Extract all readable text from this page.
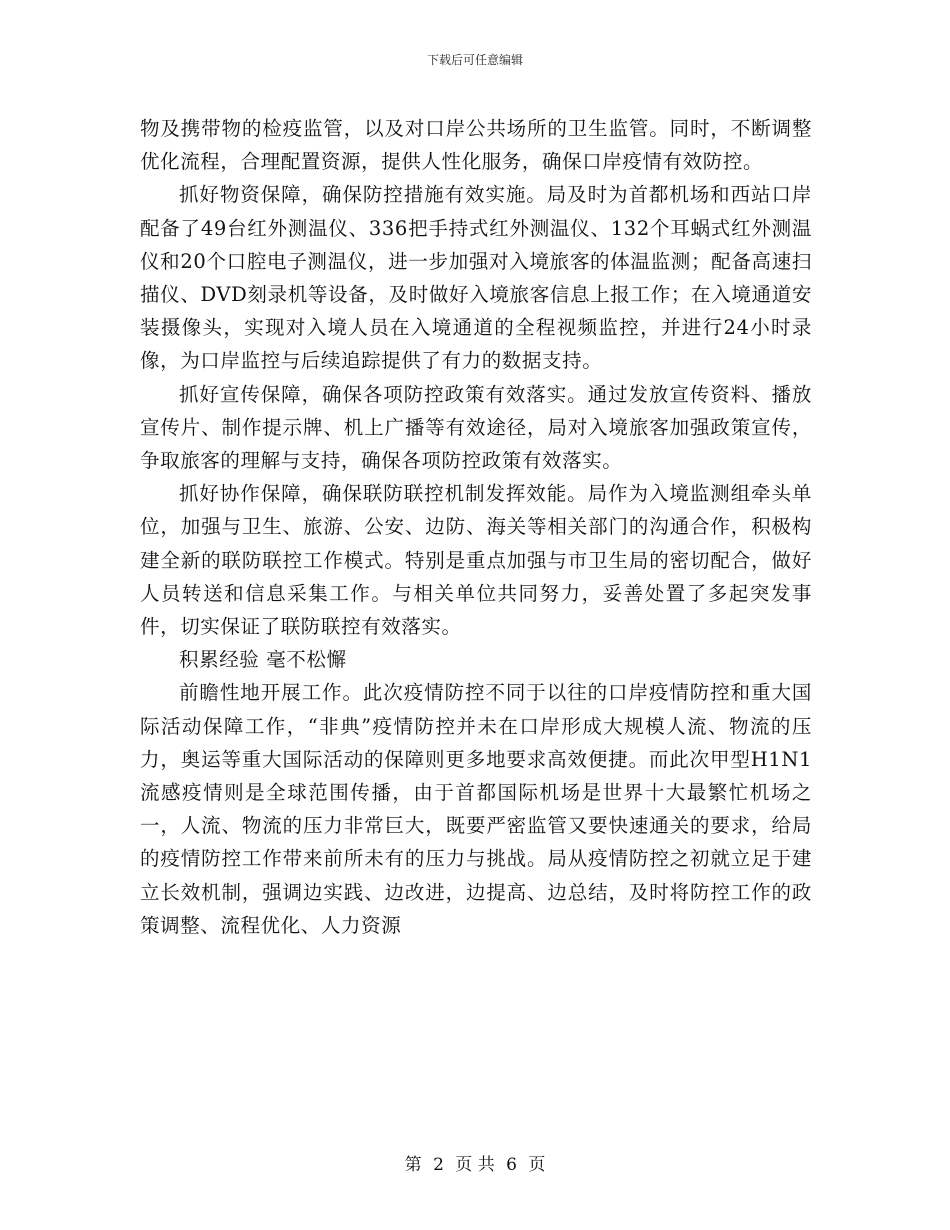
下载后可任意编辑

物及携带物的检疫监管，以及对口岸公共场所的卫生监管。同时，不断调整优化流程，合理配置资源，提供人性化服务，确保口岸疫情有效防控。

抓好物资保障，确保防控措施有效实施。局及时为首都机场和西站口岸配备了49台红外测温仪、336把手持式红外测温仪、132个耳蜗式红外测温仪和20个口腔电子测温仪，进一步加强对入境旅客的体温监测；配备高速扫描仪、DVD刻录机等设备，及时做好入境旅客信息上报工作；在入境通道安装摄像头，实现对入境人员在入境通道的全程视频监控，并进行24小时录像，为口岸监控与后续追踪提供了有力的数据支持。

抓好宣传保障，确保各项防控政策有效落实。通过发放宣传资料、播放宣传片、制作提示牌、机上广播等有效途径，局对入境旅客加强政策宣传，争取旅客的理解与支持，确保各项防控政策有效落实。

抓好协作保障，确保联防联控机制发挥效能。局作为入境监测组牵头单位，加强与卫生、旅游、公安、边防、海关等相关部门的沟通合作，积极构建全新的联防联控工作模式。特别是重点加强与市卫生局的密切配合，做好人员转送和信息采集工作。与相关单位共同努力，妥善处置了多起突发事件，切实保证了联防联控有效落实。

积累经验 毫不松懈

前瞻性地开展工作。此次疫情防控不同于以往的口岸疫情防控和重大国际活动保障工作，“非典”疫情防控并未在口岸形成大规模人流、物流的压力，奥运等重大国际活动的保障则更多地要求高效便捷。而此次甲型H1N1流感疫情则是全球范围传播，由于首都国际机场是世界十大最繁忙机场之一，人流、物流的压力非常巨大，既要严密监管又要快速通关的要求，给局的疫情防控工作带来前所未有的压力与挑战。局从疫情防控之初就立足于建立长效机制，强调边实践、边改进，边提高、边总结，及时将防控工作的政策调整、流程优化、人力资源

第 2 页 共 6 页
